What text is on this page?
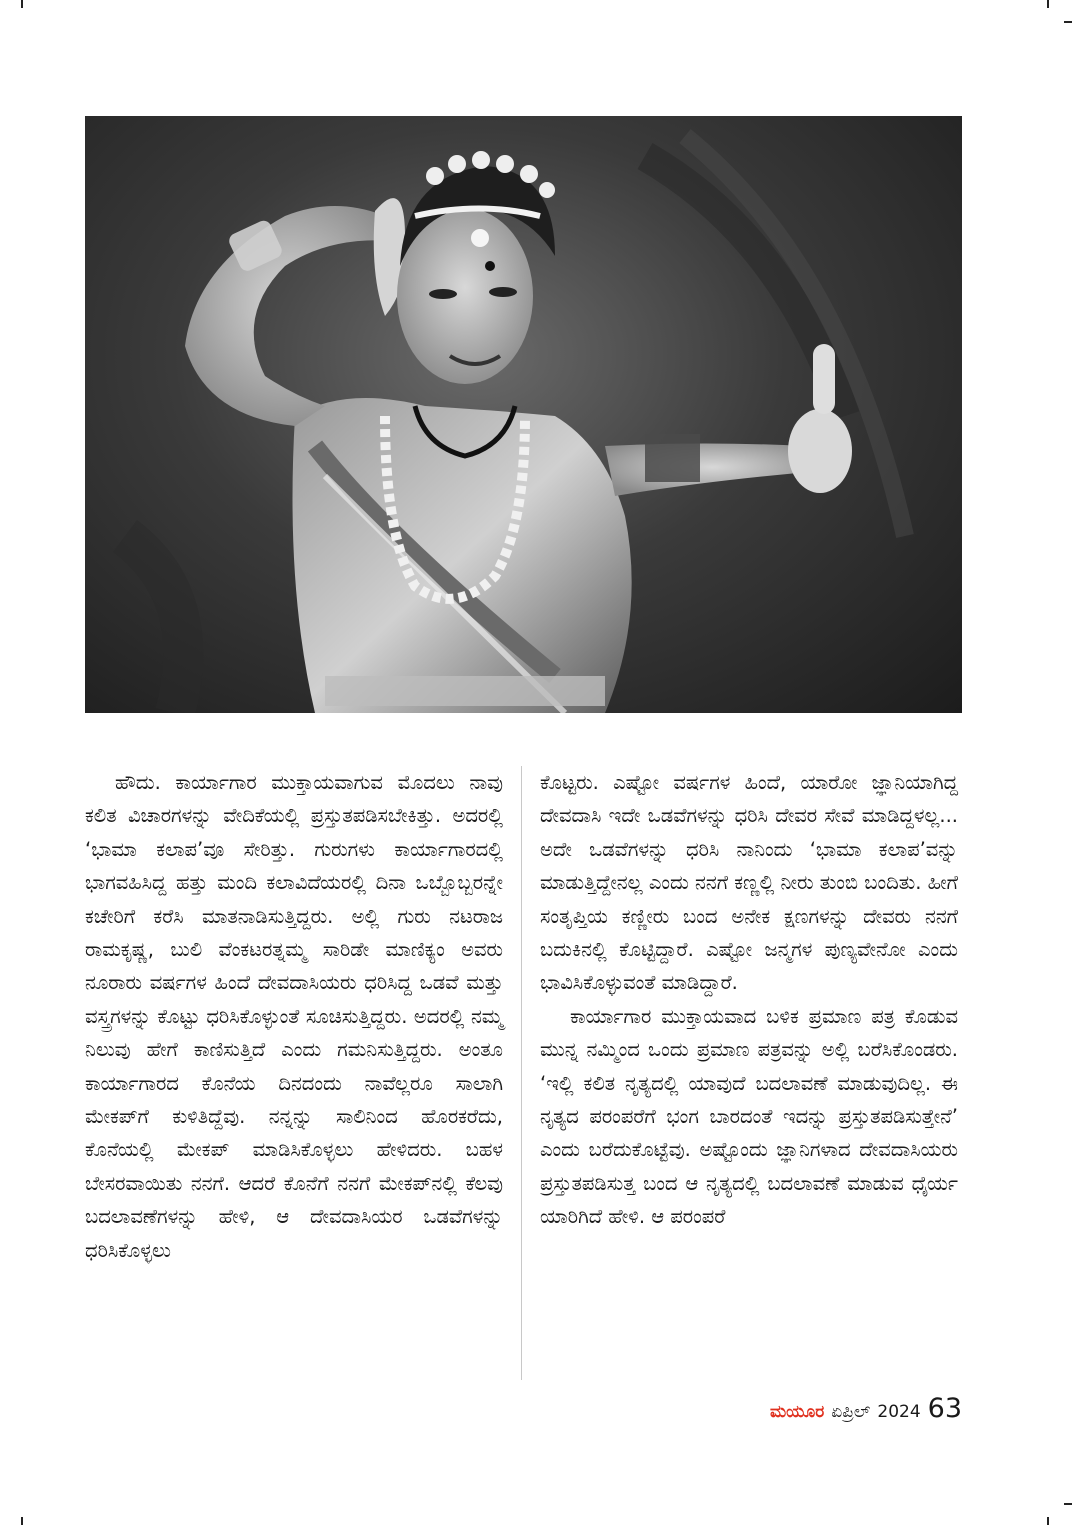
ಹೌದು. ಕಾರ್ಯಾಗಾರ ಮುಕ್ತಾಯವಾಗುವ ಮೊದಲು ನಾವು ಕಲಿತ ವಿಚಾರಗಳನ್ನು ವೇದಿಕೆಯಲ್ಲಿ ಪ್ರಸ್ತುತಪಡಿಸಬೇಕಿತ್ತು. ಅದರಲ್ಲಿ ‘ಭಾಮಾ ಕಲಾಪ’ವೂ ಸೇರಿತ್ತು. ಗುರುಗಳು ಕಾರ್ಯಾಗಾರದಲ್ಲಿ ಭಾಗವಹಿಸಿದ್ದ ಹತ್ತು ಮಂದಿ ಕಲಾವಿದೆಯರಲ್ಲಿ ದಿನಾ ಒಬ್ಬೊಬ್ಬರನ್ನೇ ಕಚೇರಿಗೆ ಕರೆಸಿ ಮಾತನಾಡಿಸುತ್ತಿದ್ದರು. ಅಲ್ಲಿ ಗುರು ನಟರಾಜ ರಾಮಕೃಷ್ಣ, ಬುಲಿ ವೆಂಕಟರತ್ನಮ್ಮ ಸಾರಿಡೇ ಮಾಣಿಕ್ಯಂ ಅವರು ನೂರಾರು ವರ್ಷಗಳ ಹಿಂದೆ ದೇವದಾಸಿಯರು ಧರಿಸಿದ್ದ ಒಡವೆ ಮತ್ತು ವಸ್ತ್ರಗಳನ್ನು ಕೊಟ್ಟು ಧರಿಸಿಕೊಳ್ಳುಂತೆ ಸೂಚಿಸುತ್ತಿದ್ದರು. ಅದರಲ್ಲಿ ನಮ್ಮ ನಿಲುವು ಹೇಗೆ ಕಾಣಿಸುತ್ತಿದೆ ಎಂದು ಗಮನಿಸುತ್ತಿದ್ದರು. ಅಂತೂ ಕಾರ್ಯಾಗಾರದ ಕೊನೆಯ ದಿನದಂದು ನಾವೆಲ್ಲರೂ ಸಾಲಾಗಿ ಮೇಕಪ್‌ಗೆ ಕುಳಿತಿದ್ದೆವು. ನನ್ನನ್ನು ಸಾಲಿನಿಂದ ಹೊರಕರೆದು, ಕೊನೆಯಲ್ಲಿ ಮೇಕಪ್ ಮಾಡಿಸಿಕೊಳ್ಳಲು ಹೇಳಿದರು. ಬಹಳ ಬೇಸರವಾಯಿತು ನನಗೆ. ಆದರೆ ಕೊನೆಗೆ ನನಗೆ ಮೇಕಪ್‌ನಲ್ಲಿ ಕೆಲವು ಬದಲಾವಣೆಗಳನ್ನು ಹೇಳಿ, ಆ ದೇವದಾಸಿಯರ ಒಡವೆಗಳನ್ನು ಧರಿಸಿಕೊಳ್ಳಲು

ಕೊಟ್ಟರು. ಎಷ್ಟೋ ವರ್ಷಗಳ ಹಿಂದೆ, ಯಾರೋ ಜ್ಞಾನಿಯಾಗಿದ್ದ ದೇವದಾಸಿ ಇದೇ ಒಡವೆಗಳನ್ನು ಧರಿಸಿ ದೇವರ ಸೇವೆ ಮಾಡಿದ್ದಳಲ್ಲ... ಅದೇ ಒಡವೆಗಳನ್ನು ಧರಿಸಿ ನಾನಿಂದು ‘ಭಾಮಾ ಕಲಾಪ’ವನ್ನು ಮಾಡುತ್ತಿದ್ದೇನಲ್ಲ ಎಂದು ನನಗೆ ಕಣ್ಣಲ್ಲಿ ನೀರು ತುಂಬಿ ಬಂದಿತು. ಹೀಗೆ ಸಂತೃಪ್ತಿಯ ಕಣ್ಣೀರು ಬಂದ ಅನೇಕ ಕ್ಷಣಗಳನ್ನು ದೇವರು ನನಗೆ ಬದುಕಿನಲ್ಲಿ ಕೊಟ್ಟಿದ್ದಾರೆ. ಎಷ್ಟೋ ಜನ್ಮಗಳ ಪುಣ್ಯವೇನೋ ಎಂದು ಭಾವಿಸಿಕೊಳ್ಳುವಂತೆ ಮಾಡಿದ್ದಾರೆ.

ಕಾರ್ಯಾಗಾರ ಮುಕ್ತಾಯವಾದ ಬಳಿಕ ಪ್ರಮಾಣ ಪತ್ರ ಕೊಡುವ ಮುನ್ನ ನಮ್ಮಿಂದ ಒಂದು ಪ್ರಮಾಣ ಪತ್ರವನ್ನು ಅಲ್ಲಿ ಬರೆಸಿಕೊಂಡರು. ‘ಇಲ್ಲಿ ಕಲಿತ ನೃತ್ಯದಲ್ಲಿ ಯಾವುದೆ ಬದಲಾವಣೆ ಮಾಡುವುದಿಲ್ಲ. ಈ ನೃತ್ಯದ ಪರಂಪರೆಗೆ ಭಂಗ ಬಾರದಂತೆ ಇದನ್ನು ಪ್ರಸ್ತುತಪಡಿಸುತ್ತೇನೆ’ ಎಂದು ಬರೆದುಕೊಟ್ಟೆವು. ಅಷ್ಟೊಂದು ಜ್ಞಾನಿಗಳಾದ ದೇವದಾಸಿಯರು ಪ್ರಸ್ತುತಪಡಿಸುತ್ತ ಬಂದ ಆ ನೃತ್ಯದಲ್ಲಿ ಬದಲಾವಣೆ ಮಾಡುವ ಧೈರ್ಯ ಯಾರಿಗಿದೆ ಹೇಳಿ. ಆ ಪರಂಪರೆ

ಮಯೂರ ಏಪ್ರಿಲ್ 2024 63
